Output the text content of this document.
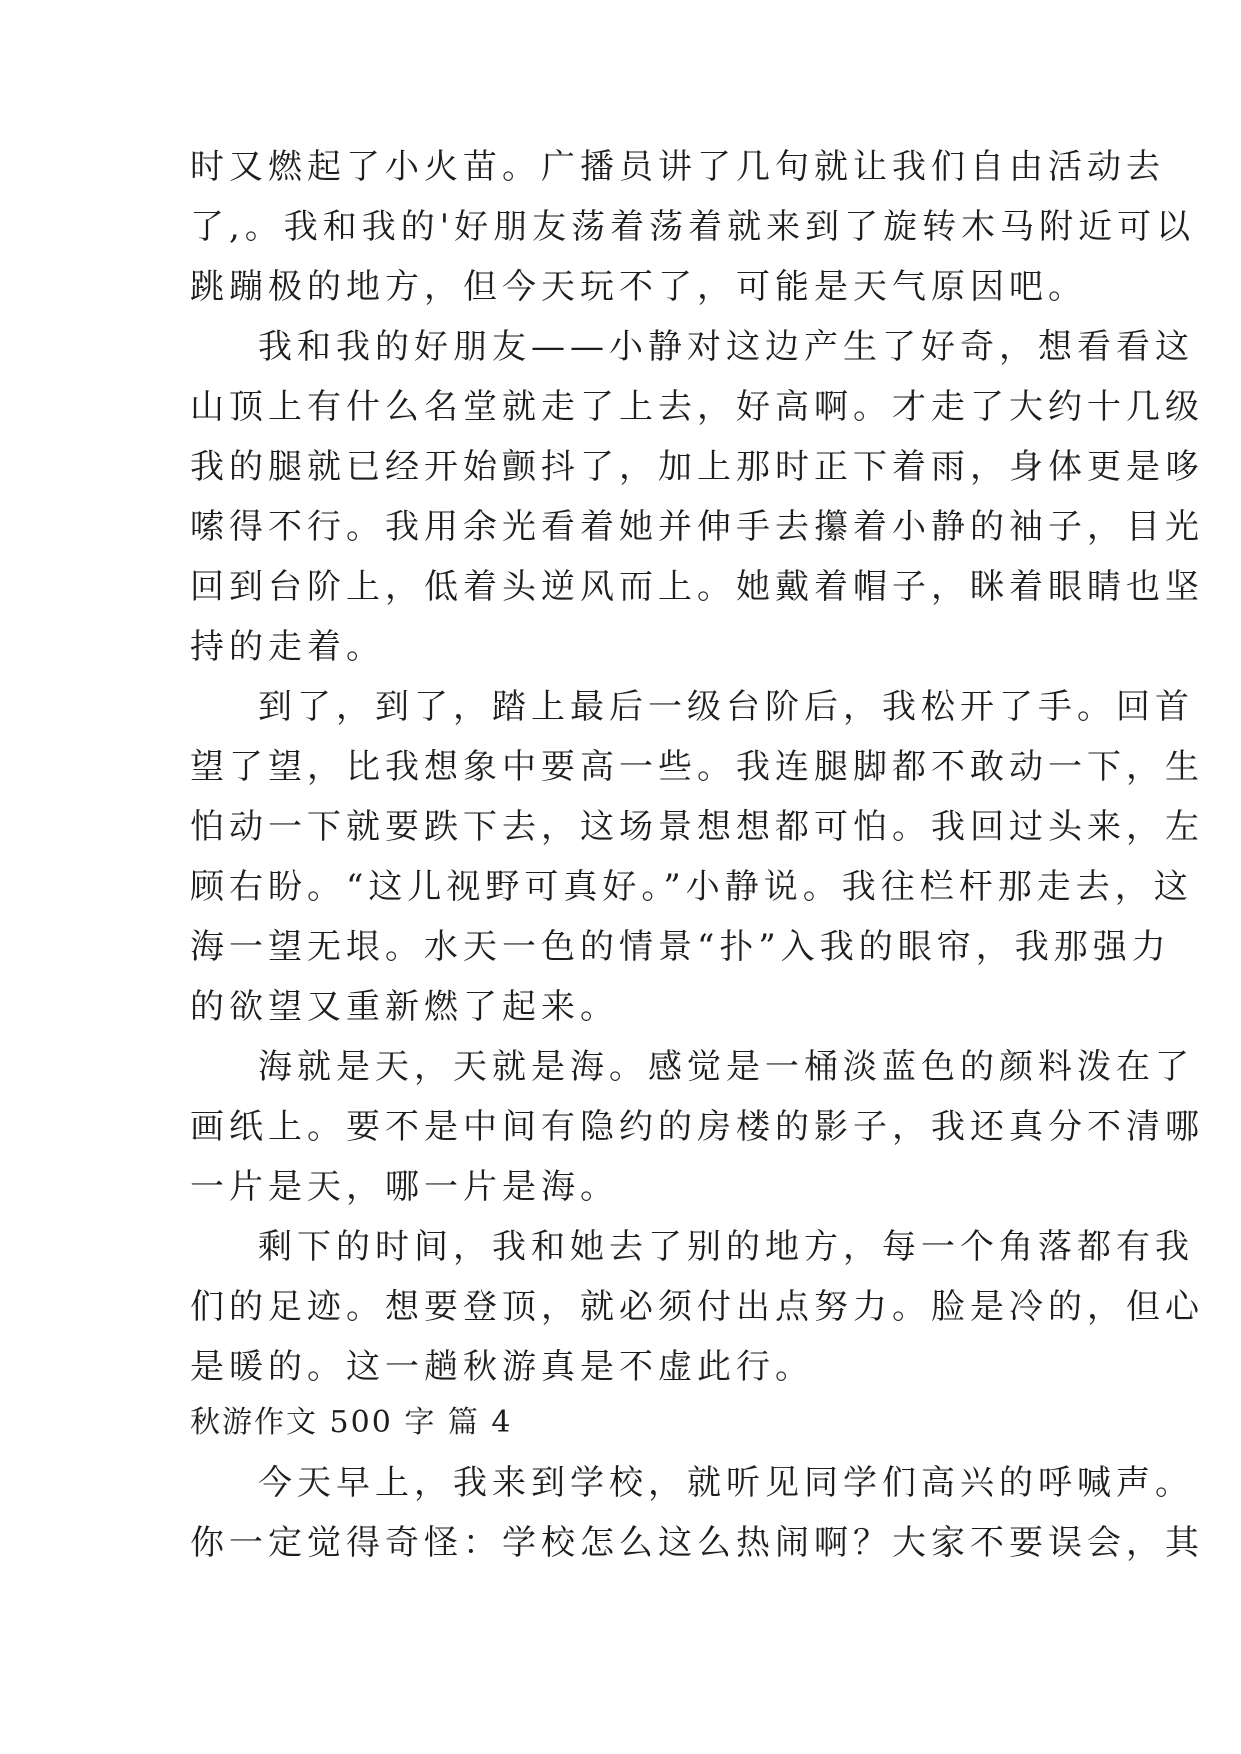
时又燃起了小火苗。广播员讲了几句就让我们自由活动去
了,。我和我的'好朋友荡着荡着就来到了旋转木马附近可以
跳蹦极的地方，但今天玩不了，可能是天气原因吧。
我和我的好朋友——小静对这边产生了好奇，想看看这
山顶上有什么名堂就走了上去，好高啊。才走了大约十几级
我的腿就已经开始颤抖了，加上那时正下着雨，身体更是哆
嗦得不行。我用余光看着她并伸手去攥着小静的袖子，目光
回到台阶上，低着头逆风而上。她戴着帽子，眯着眼睛也坚
持的走着。
到了，到了，踏上最后一级台阶后，我松开了手。回首
望了望，比我想象中要高一些。我连腿脚都不敢动一下，生
怕动一下就要跌下去，这场景想想都可怕。我回过头来，左
顾右盼。“这儿视野可真好。”小静说。我往栏杆那走去，这
海一望无垠。水天一色的情景“扑”入我的眼帘，我那强力
的欲望又重新燃了起来。
海就是天，天就是海。感觉是一桶淡蓝色的颜料泼在了
画纸上。要不是中间有隐约的房楼的影子，我还真分不清哪
一片是天，哪一片是海。
剩下的时间，我和她去了别的地方，每一个角落都有我
们的足迹。想要登顶，就必须付出点努力。脸是冷的，但心
是暖的。这一趟秋游真是不虚此行。
秋游作文 500 字 篇 4
今天早上，我来到学校，就听见同学们高兴的呼喊声。
你一定觉得奇怪：学校怎么这么热闹啊？大家不要误会，其
